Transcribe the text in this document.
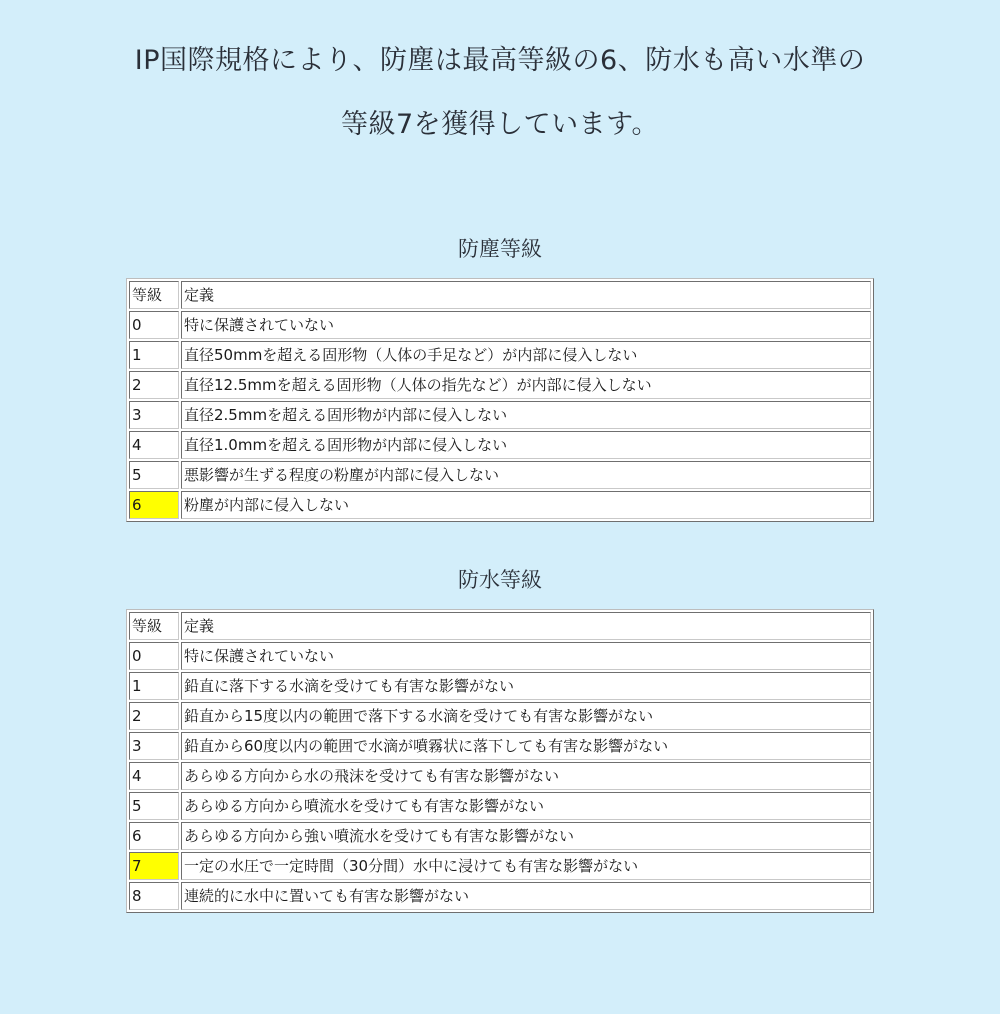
IP国際規格により、防塵は最高等級の6、防水も高い水準の
等級7を獲得しています。
防塵等級
等級	定義
0	特に保護されていない
1	直径50mmを超える固形物（人体の手足など）が内部に侵入しない
2	直径12.5mmを超える固形物（人体の指先など）が内部に侵入しない
3	直径2.5mmを超える固形物が内部に侵入しない
4	直径1.0mmを超える固形物が内部に侵入しない
5	悪影響が生ずる程度の粉塵が内部に侵入しない
6	粉塵が内部に侵入しない
防水等級
等級	定義
0	特に保護されていない
1	鉛直に落下する水滴を受けても有害な影響がない
2	鉛直から15度以内の範囲で落下する水滴を受けても有害な影響がない
3	鉛直から60度以内の範囲で水滴が噴霧状に落下しても有害な影響がない
4	あらゆる方向から水の飛沫を受けても有害な影響がない
5	あらゆる方向から噴流水を受けても有害な影響がない
6	あらゆる方向から強い噴流水を受けても有害な影響がない
7	一定の水圧で一定時間（30分間）水中に浸けても有害な影響がない
8	連続的に水中に置いても有害な影響がない
